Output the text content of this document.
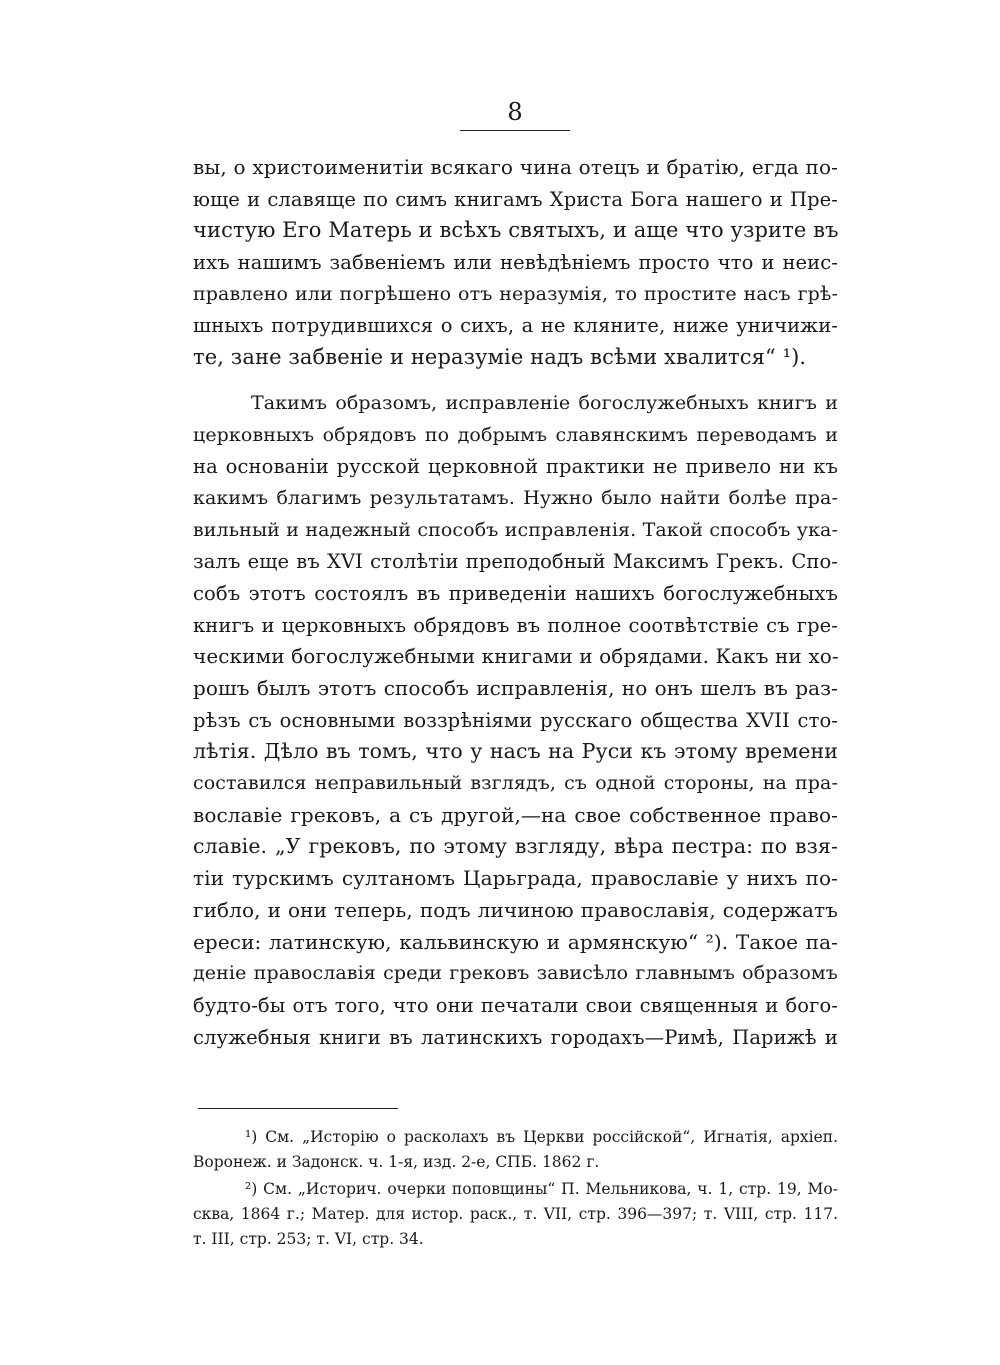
8

вы, о христоименитіи всякаго чина отецъ и братію, егда по-
юще и славяще по симъ книгамъ Христа Бога нашего и Пре-
чистую Его Матерь и всѣхъ святыхъ, и аще что узрите въ
ихъ нашимъ забвеніемъ или невѣдѣніемъ просто что и неис-
правлено или погрѣшено отъ неразумія, то простите насъ грѣ-
шныхъ потрудившихся о сихъ, а не кляните, ниже уничижи-
те, зане забвеніе и неразуміе надъ всѣми хвалится“ ¹).

Такимъ образомъ, исправленіе богослужебныхъ книгъ и
церковныхъ обрядовъ по добрымъ славянскимъ переводамъ и
на основаніи русской церковной практики не привело ни къ
какимъ благимъ результатамъ. Нужно было найти болѣе пра-
вильный и надежный способъ исправленія. Такой способъ ука-
залъ еще въ XVI столѣтіи преподобный Максимъ Грекъ. Спо-
собъ этотъ состоялъ въ приведеніи нашихъ богослужебныхъ
книгъ и церковныхъ обрядовъ въ полное соотвѣтствіе съ гре-
ческими богослужебными книгами и обрядами. Какъ ни хо-
рошъ былъ этотъ способъ исправленія, но онъ шелъ въ раз-
рѣзъ съ основными воззрѣніями русскаго общества XVII сто-
лѣтія. Дѣло въ томъ, что у насъ на Руси къ этому времени
составился неправильный взглядъ, съ одной стороны, на пра-
вославіе грековъ, а съ другой,—на свое собственное право-
славіе. „У грековъ, по этому взгляду, вѣра пестра: по взя-
тіи турскимъ султаномъ Царьграда, православіе у нихъ по-
гибло, и они теперь, подъ личиною православія, содержатъ
ереси: латинскую, кальвинскую и армянскую“ ²). Такое па-
деніе православія среди грековъ зависѣло главнымъ образомъ
будто-бы отъ того, что они печатали свои священныя и бого-
служебныя книги въ латинскихъ городахъ—Римѣ, Парижѣ и

¹) См. „Исторію о расколахъ въ Церкви россійской“, Игнатія, архіеп.
Воронеж. и Задонск. ч. 1-я, изд. 2-е, СПБ. 1862 г.
²) См. „Историч. очерки поповщины“ П. Мельникова, ч. 1, стр. 19, Мо-
сква, 1864 г.; Матер. для истор. раск., т. VII, стр. 396—397; т. VIII, стр. 117.
т. III, стр. 253; т. VI, стр. 34.
